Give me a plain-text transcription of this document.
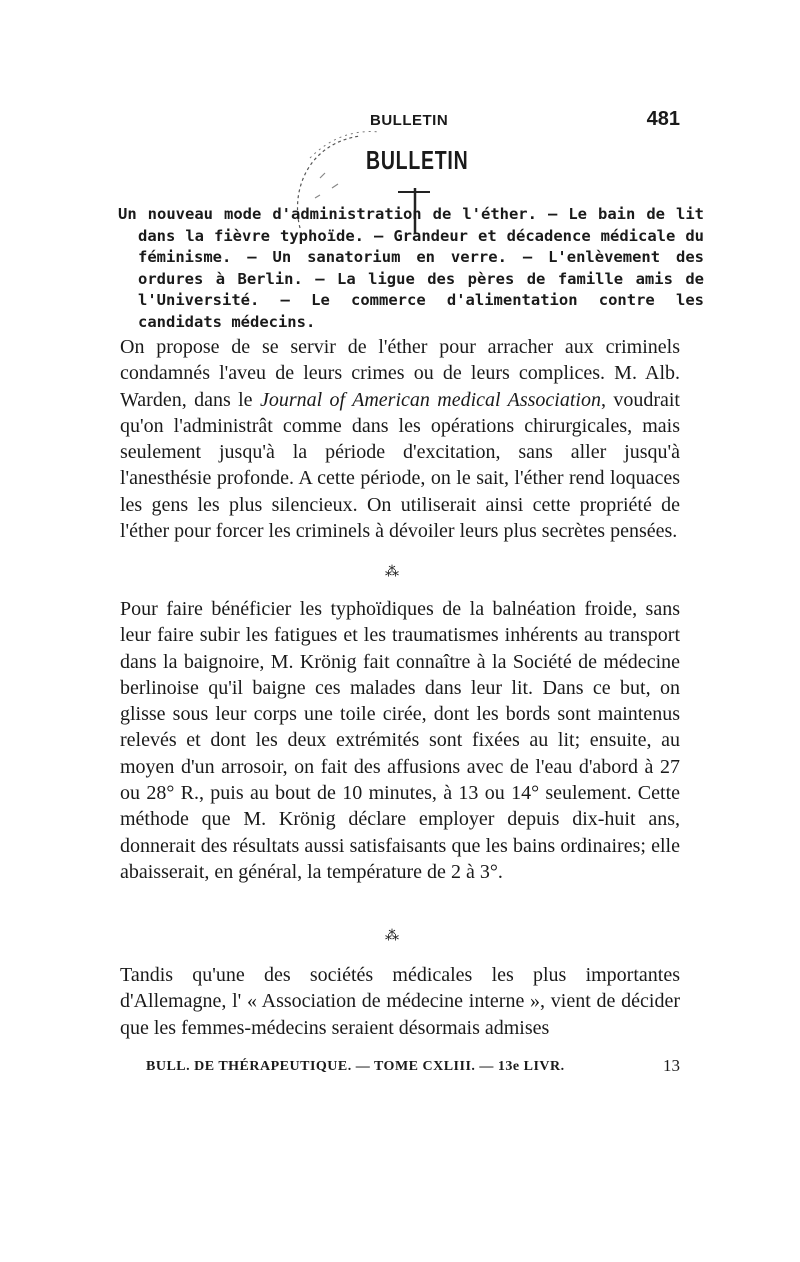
BULLETIN	481
BULLETIN
Un nouveau mode d'administration de l'éther. — Le bain de lit dans la fièvre typhoïde. — Grandeur et décadence médicale du féminisme. — Un sanatorium en verre. — L'enlèvement des ordures à Berlin. — La ligue des pères de famille amis de l'Université. — Le commerce d'alimentation contre les candidats médecins.
On propose de se servir de l'éther pour arracher aux criminels condamnés l'aveu de leurs crimes ou de leurs complices. M. Alb. Warden, dans le Journal of American medical Association, voudrait qu'on l'administrât comme dans les opérations chirurgicales, mais seulement jusqu'à la période d'excitation, sans aller jusqu'à l'anesthésie profonde. A cette période, on le sait, l'éther rend loquaces les gens les plus silencieux. On utiliserait ainsi cette propriété de l'éther pour forcer les criminels à dévoiler leurs plus secrètes pensées.
⁂
Pour faire bénéficier les typhoïdiques de la balnéation froide, sans leur faire subir les fatigues et les traumatismes inhérents au transport dans la baignoire, M. Krönig fait connaître à la Société de médecine berlinoise qu'il baigne ces malades dans leur lit. Dans ce but, on glisse sous leur corps une toile cirée, dont les bords sont maintenus relevés et dont les deux extrémités sont fixées au lit; ensuite, au moyen d'un arrosoir, on fait des affusions avec de l'eau d'abord à 27 ou 28° R., puis au bout de 10 minutes, à 13 ou 14° seulement. Cette méthode que M. Krönig déclare employer depuis dix-huit ans, donnerait des résultats aussi satisfaisants que les bains ordinaires; elle abaisserait, en général, la température de 2 à 3°.
⁂
Tandis qu'une des sociétés médicales les plus importantes d'Allemagne, l' « Association de médecine interne », vient de décider que les femmes-médecins seraient désormais admises
BULL. DE THÉRAPEUTIQUE. — TOME CXLIII. — 13e LIVR.	13
